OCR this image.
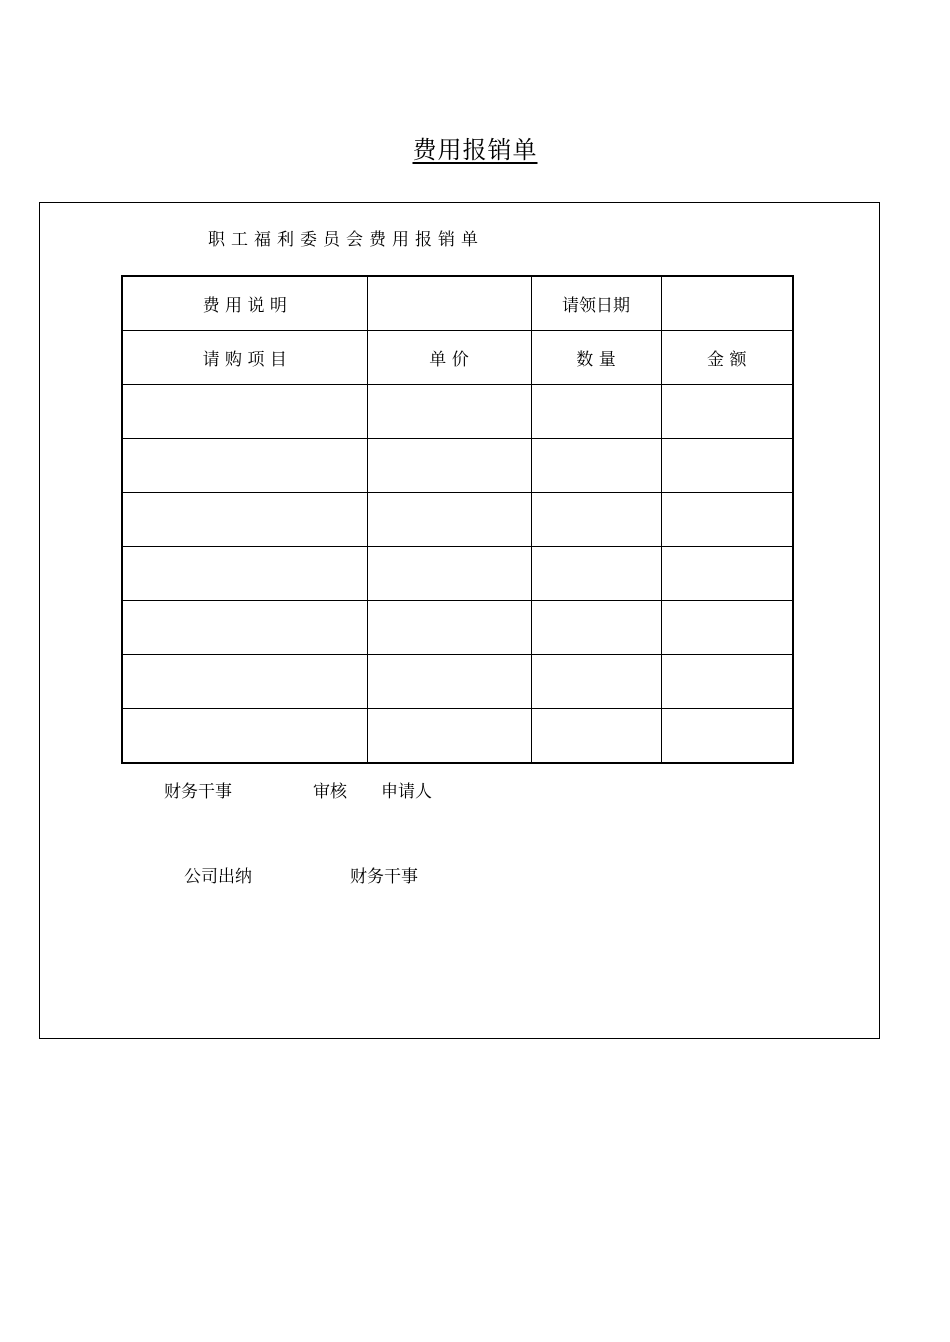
费用报销单
职工福利委员会费用报销单
费 用 说 明		请领日期	
请 购 项 目	单 价	数 量	金 额

财务干事	审核 申请人
公司出纳	财务干事
